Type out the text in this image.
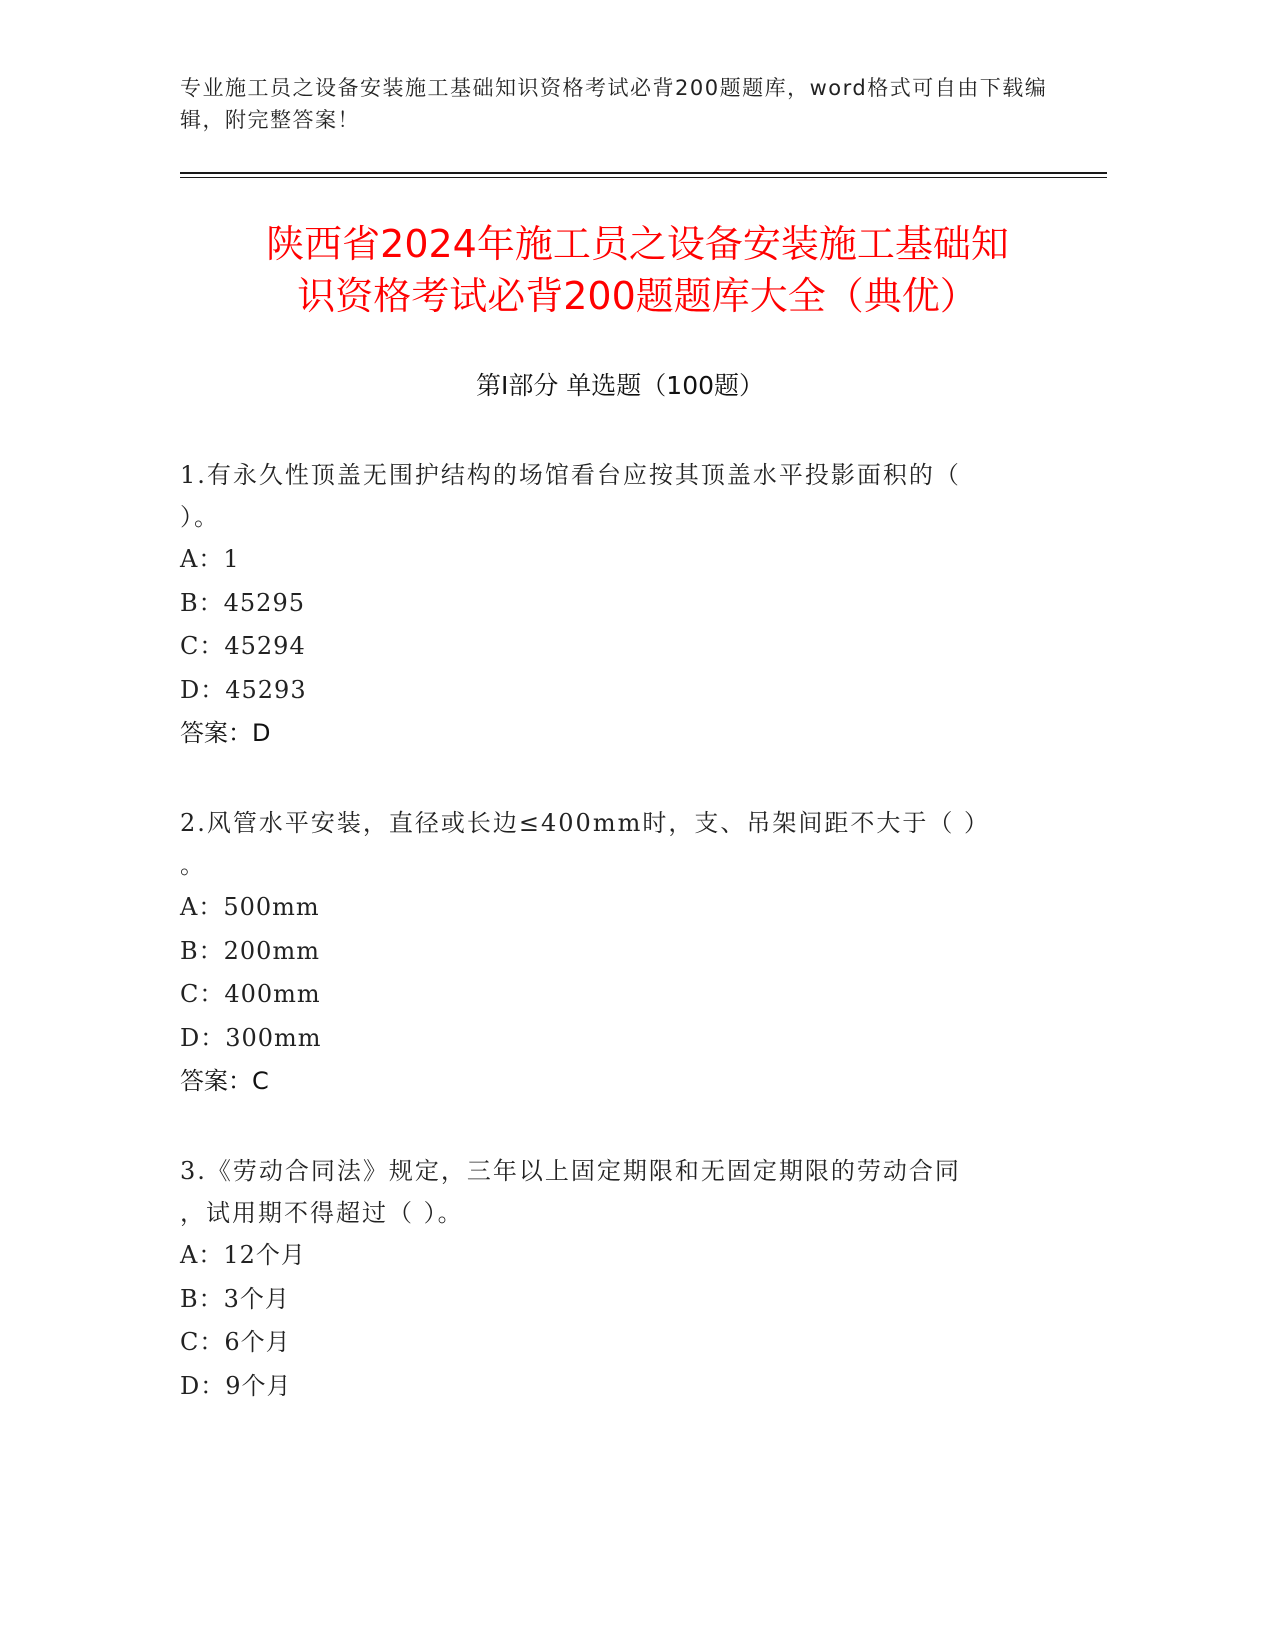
专业施工员之设备安装施工基础知识资格考试必背200题题库，word格式可自由下载编辑，附完整答案！
陕西省2024年施工员之设备安装施工基础知
识资格考试必背200题题库大全（典优）
第I部分 单选题（100题）

1.有永久性顶盖无围护结构的场馆看台应按其顶盖水平投影面积的（

）。

A：1

B：45295

C：45294

D：45293

答案：D

2.风管水平安装，直径或长边≤400mm时，支、吊架间距不大于（ ）

。

A：500mm

B：200mm

C：400mm

D：300mm

答案：C

3.《劳动合同法》规定，三年以上固定期限和无固定期限的劳动合同

，试用期不得超过（ ）。

A：12个月

B：3个月

C：6个月

D：9个月
